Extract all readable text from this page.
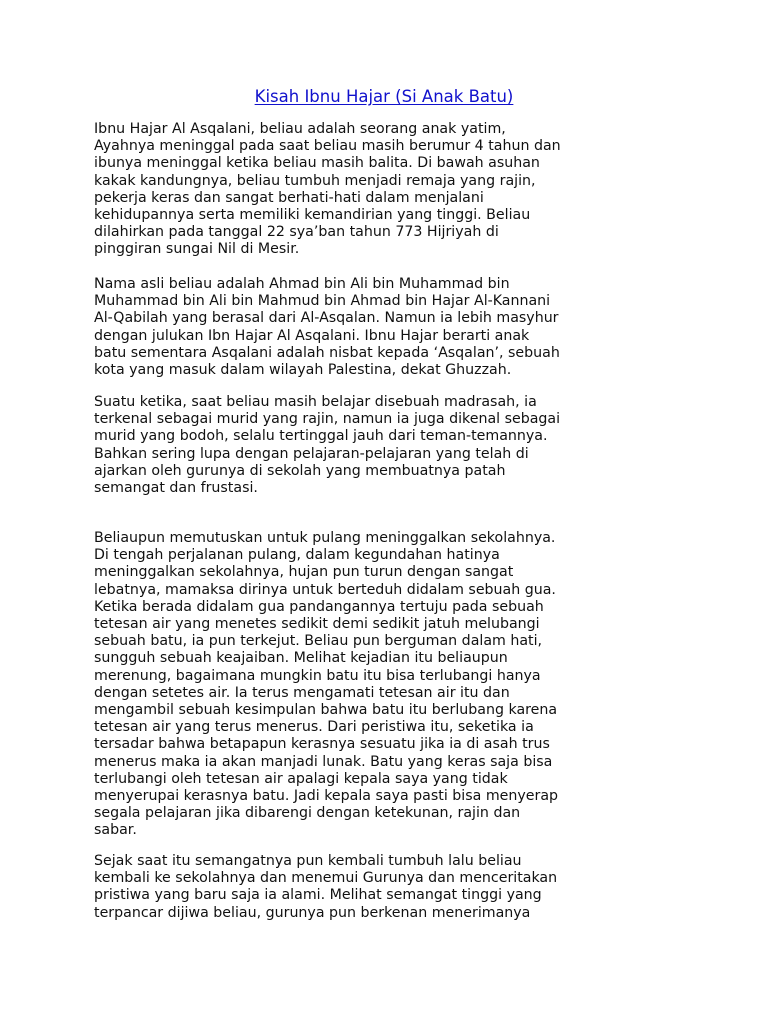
Kisah Ibnu Hajar (Si Anak Batu)
Ibnu Hajar Al Asqalani, beliau adalah seorang anak yatim,
Ayahnya meninggal pada saat beliau masih berumur 4 tahun dan
ibunya meninggal ketika beliau masih balita. Di bawah asuhan
kakak kandungnya, beliau tumbuh menjadi remaja yang rajin,
pekerja keras dan sangat berhati-hati dalam menjalani
kehidupannya serta memiliki kemandirian yang tinggi. Beliau
dilahirkan pada tanggal 22 sya’ban tahun 773 Hijriyah di
pinggiran sungai Nil di Mesir.
Nama asli beliau adalah Ahmad bin Ali bin Muhammad bin
Muhammad bin Ali bin Mahmud bin Ahmad bin Hajar Al-Kannani
Al-Qabilah yang berasal dari Al-Asqalan. Namun ia lebih masyhur
dengan julukan Ibn Hajar Al Asqalani. Ibnu Hajar berarti anak
batu sementara Asqalani adalah nisbat kepada ‘Asqalan’, sebuah
kota yang masuk dalam wilayah Palestina, dekat Ghuzzah.
Suatu ketika, saat beliau masih belajar disebuah madrasah, ia
terkenal sebagai murid yang rajin, namun ia juga dikenal sebagai
murid yang bodoh, selalu tertinggal jauh dari teman-temannya.
Bahkan sering lupa dengan pelajaran-pelajaran yang telah di
ajarkan oleh gurunya di sekolah yang membuatnya patah
semangat dan frustasi.
Beliaupun memutuskan untuk pulang meninggalkan sekolahnya.
Di tengah perjalanan pulang, dalam kegundahan hatinya
meninggalkan sekolahnya, hujan pun turun dengan sangat
lebatnya, mamaksa dirinya untuk berteduh didalam sebuah gua.
Ketika berada didalam gua pandangannya tertuju pada sebuah
tetesan air yang menetes sedikit demi sedikit jatuh melubangi
sebuah batu, ia pun terkejut. Beliau pun berguman dalam hati,
sungguh sebuah keajaiban. Melihat kejadian itu beliaupun
merenung, bagaimana mungkin batu itu bisa terlubangi hanya
dengan setetes air. Ia terus mengamati tetesan air itu dan
mengambil sebuah kesimpulan bahwa batu itu berlubang karena
tetesan air yang terus menerus. Dari peristiwa itu, seketika ia
tersadar bahwa betapapun kerasnya sesuatu jika ia di asah trus
menerus maka ia akan manjadi lunak. Batu yang keras saja bisa
terlubangi oleh tetesan air apalagi kepala saya yang tidak
menyerupai kerasnya batu. Jadi kepala saya pasti bisa menyerap
segala pelajaran jika dibarengi dengan ketekunan, rajin dan
sabar.
Sejak saat itu semangatnya pun kembali tumbuh lalu beliau
kembali ke sekolahnya dan menemui Gurunya dan menceritakan
pristiwa yang baru saja ia alami. Melihat semangat tinggi yang
terpancar dijiwa beliau, gurunya pun berkenan menerimanya
